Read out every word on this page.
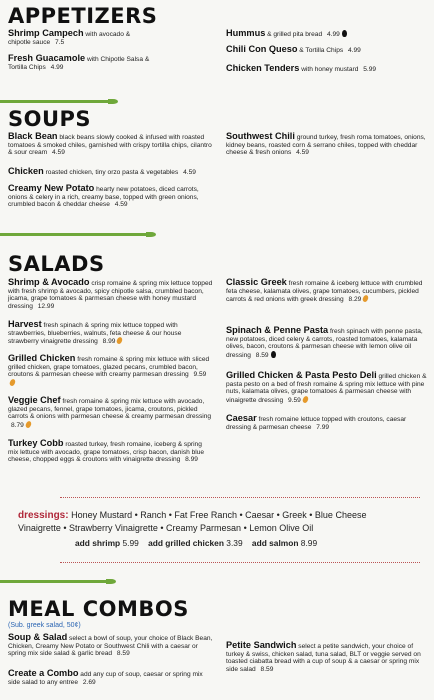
APPETIZERS
Shrimp Campech with avocado & chipotle sauce 7.5
Fresh Guacamole with Chipotle Salsa & Tortilla Chips 4.99
Hummus & grilled pita bread 4.99
Chili Con Queso & Tortilla Chips 4.99
Chicken Tenders with honey mustard 5.99
SOUPS
Black Bean black beans slowly cooked & infused with roasted tomatoes & smoked chiles, garnished with crispy tortilla chips, cilantro & sour cream 4.59
Chicken roasted chicken, tiny orzo pasta & vegetables 4.59
Creamy New Potato hearty new potatoes, diced carrots, onions & celery in a rich, creamy base, topped with green onions, crumbled bacon & cheddar cheese 4.59
Southwest Chili ground turkey, fresh roma tomatoes, onions, kidney beans, roasted corn & serrano chiles, topped with cheddar cheese & fresh onions 4.59
SALADS
Shrimp & Avocado crisp romaine & spring mix lettuce topped with fresh shrimp & avocado, spicy chipotle salsa, crumbled bacon, jicama, grape tomatoes & parmesan cheese with honey mustard dressing 12.99
Harvest fresh spinach & spring mix lettuce topped with strawberries, blueberries, walnuts, feta cheese & our house strawberry vinaigrette dressing 8.99
Grilled Chicken fresh romaine & spring mix lettuce with sliced grilled chicken, grape tomatoes, glazed pecans, crumbled bacon, croutons & parmesan cheese with creamy parmesan dressing 9.59
Veggie Chef fresh romaine & spring mix lettuce with avocado, glazed pecans, fennel, grape tomatoes, jicama, croutons, pickled carrots & onions with parmesan cheese & creamy parmesan dressing 8.79
Turkey Cobb roasted turkey, fresh romaine, iceberg & spring mix lettuce with avocado, grape tomatoes, crisp bacon, danish blue cheese, chopped eggs & croutons with vinaigrette dressing 8.99
Classic Greek fresh romaine & iceberg lettuce with crumbled feta cheese, kalamata olives, grape tomatoes, cucumbers, pickled carrots & red onions with greek dressing 8.29
Spinach & Penne Pasta fresh spinach with penne pasta, new potatoes, diced celery & carrots, roasted tomatoes, kalamata olives, bacon, croutons & parmesan cheese with lemon olive oil dressing 8.59
Grilled Chicken & Pasta Pesto Deli grilled chicken & pasta pesto on a bed of fresh romaine & spring mix lettuce with pine nuts, kalamata olives, grape tomatoes & parmesan cheese with vinaigrette dressing 9.59
Caesar fresh romaine lettuce topped with croutons, caesar dressing & parmesan cheese 7.99
dressings: Honey Mustard • Ranch • Fat Free Ranch • Caesar • Greek • Blue Cheese
Vinaigrette • Strawberry Vinaigrette • Creamy Parmesan • Lemon Olive Oil
add shrimp 5.99 add grilled chicken 3.39 add salmon 8.99
MEAL COMBOS
(Sub. greek salad, 50¢)
Soup & Salad select a bowl of soup, your choice of Black Bean, Chicken, Creamy New Potato or Southwest Chili with a caesar or spring mix side salad & garlic bread 8.59
Create a Combo add any cup of soup, caesar or spring mix side salad to any entree 2.69
Petite Sandwich select a petite sandwich, your choice of turkey & swiss, chicken salad, tuna salad, BLT or veggie served on toasted ciabatta bread with a cup of soup & a caesar or spring mix side salad 8.59
